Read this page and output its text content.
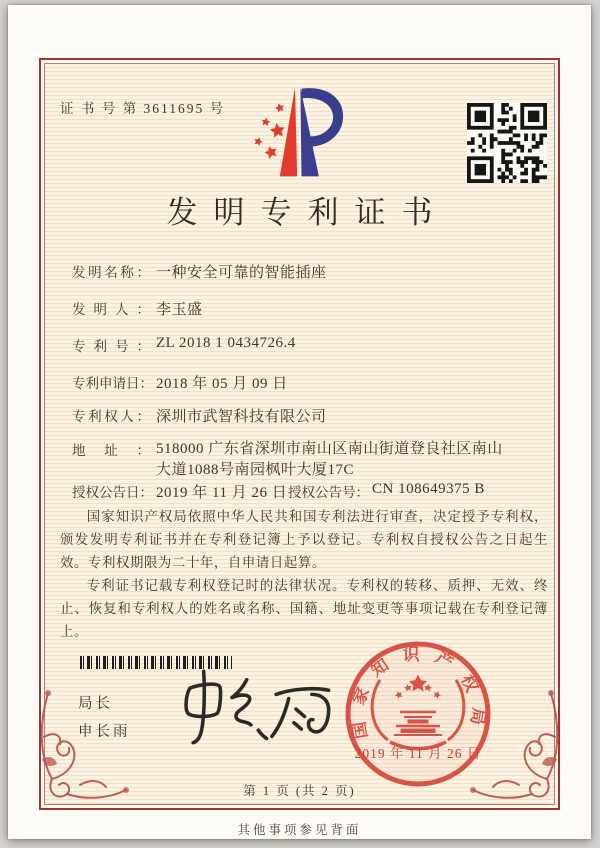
证 书 号 第 3611695 号
发明专利证书
发明名称： 一种安全可靠的智能插座
发明人： 李玉盛
专利号： ZL 2018 1 0434726.4
专利申请日： 2018 年 05 月 09 日
专利权人： 深圳市武智科技有限公司
地址： 518000 广东省深圳市南山区南山街道登良社区南山大道1088号南园枫叶大厦17C
授权公告日： 2019 年 11 月 26 日 授权公告号： CN 108649375 B

国家知识产权局依照中华人民共和国专利法进行审查，决定授予专利权，颁发发明专利证书并在专利登记簿上予以登记。专利权自授权公告之日起生效。专利权期限为二十年，自申请日起算。

专利证书记载专利权登记时的法律状况。专利权的转移、质押、无效、终止、恢复和专利权人的姓名或名称、国籍、地址变更等事项记载在专利登记簿上。

局长
申长雨	国家知识产权局
2019 年 11 月 26 日
第 1 页 (共 2 页)
其他事项参见背面
